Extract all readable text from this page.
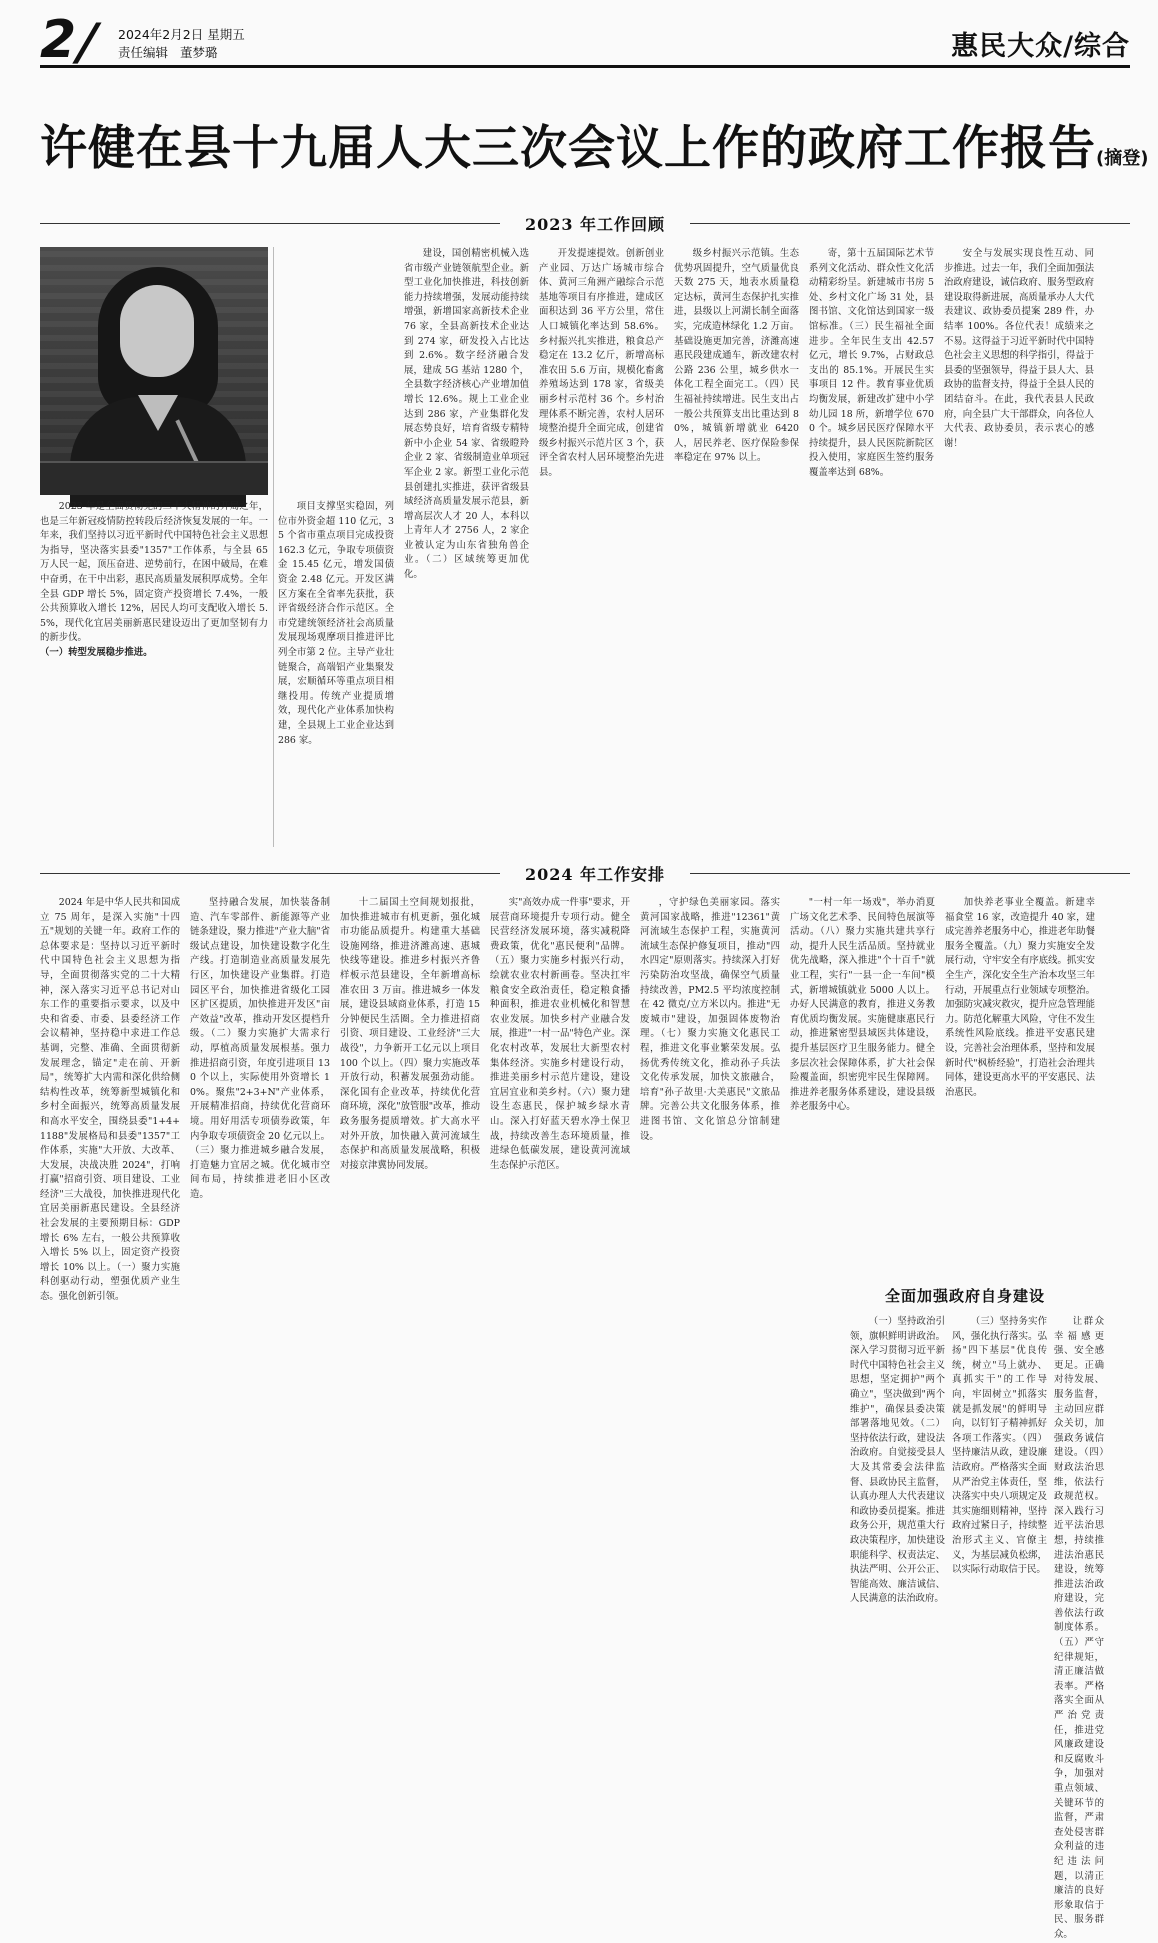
2
/ 2024年2月2日 星期五
责任编辑 董梦璐	惠民大众/综合
许健在县十九届人大三次会议上作的政府工作报告(摘登)
2023 年工作回顾

2023 年是全面贯彻党的二十大精神的开局之年，也是三年新冠疫情防控转段后经济恢复发展的一年。一年来，我们坚持以习近平新时代中国特色社会主义思想为指导，坚决落实县委"1357"工作体系，与全县 65 万人民一起，顶压奋进、逆势前行，在困中破局，在难中奋勇，在干中出彩，惠民高质量发展积厚成势。全年全县 GDP 增长 5%，固定资产投资增长 7.4%，一般公共预算收入增长 12%，居民人均可支配收入增长 5.5%，现代化宜居美丽新惠民建设迈出了更加坚韧有力的新步伐。

（一）转型发展稳步推进。

项目支撑坚实稳固，列位市外资金超 110 亿元，35 个省市重点项目完成投资 162.3 亿元，争取专项债资金 15.45 亿元，增发国债资金 2.48 亿元。开发区满区方案在全省率先获批，获评省级经济合作示范区。全市党建统领经济社会高质量发展现场观摩项目推进评比列全市第 2 位。主导产业壮链聚合，高端铝产业集聚发展，宏顺循环等重点项目相继投用。传统产业提质增效，现代化产业体系加快构建，全县规上工业企业达到 286 家。

建设，国创精密机械入选省市级产业链领航型企业。新型工业化加快推进，科技创新能力持续增强，发展动能持续增强，新增国家高新技术企业 76 家，全县高新技术企业达到 274 家，研发投入占比达到 2.6%。数字经济融合发展，建成 5G 基站 1280 个，全县数字经济核心产业增加值增长 12.6%。规上工业企业达到 286 家，产业集群化发展态势良好，培育省级专精特新中小企业 54 家、省级瞪羚企业 2 家、省级制造业单项冠军企业 2 家。新型工业化示范县创建扎实推进，获评省级县域经济高质量发展示范县，新增高层次人才 20 人，本科以上青年人才 2756 人，2 家企业被认定为山东省独角兽企业。（二）区域统筹更加优化。

开发提速提效。创新创业产业园、万达广场城市综合体、黄河三角洲产融综合示范基地等项目有序推进，建成区面积达到 36 平方公里，常住人口城镇化率达到 58.6%。乡村振兴扎实推进，粮食总产稳定在 13.2 亿斤，新增高标准农田 5.6 万亩，规模化畜禽养殖场达到 178 家，省级美丽乡村示范村 36 个。乡村治理体系不断完善，农村人居环境整治提升全面完成，创建省级乡村振兴示范片区 3 个，获评全省农村人居环境整治先进县。

级乡村振兴示范镇。生态优势巩固提升，空气质量优良天数 275 天，地表水质量稳定达标，黄河生态保护扎实推进，县级以上河湖长制全面落实，完成造林绿化 1.2 万亩。基础设施更加完善，济潍高速惠民段建成通车，新改建农村公路 236 公里，城乡供水一体化工程全面完工。（四）民生福祉持续增进。民生支出占一般公共预算支出比重达到 80%，城镇新增就业 6420 人，居民养老、医疗保险参保率稳定在 97% 以上。

寄，第十五届国际艺术节系列文化活动、群众性文化活动精彩纷呈。新建城市书房 5 处、乡村文化广场 31 处，县图书馆、文化馆达到国家一级馆标准。（三）民生福祉全面进步。全年民生支出 42.57 亿元，增长 9.7%，占财政总支出的 85.1%。开展民生实事项目 12 件。教育事业优质均衡发展，新建改扩建中小学幼儿园 18 所，新增学位 6700 个。城乡居民医疗保障水平持续提升，县人民医院新院区投入使用，家庭医生签约服务覆盖率达到 68%。

安全与发展实现良性互动、同步推进。过去一年，我们全面加强法治政府建设，诚信政府、服务型政府建设取得新进展，高质量承办人大代表建议、政协委员提案 289 件，办结率 100%。各位代表！成绩来之不易。这得益于习近平新时代中国特色社会主义思想的科学指引，得益于县委的坚强领导，得益于县人大、县政协的监督支持，得益于全县人民的团结奋斗。在此，我代表县人民政府，向全县广大干部群众，向各位人大代表、政协委员，表示衷心的感谢！

2024 年工作安排

2024 年是中华人民共和国成立 75 周年，是深入实施"十四五"规划的关键一年。政府工作的总体要求是：坚持以习近平新时代中国特色社会主义思想为指导，全面贯彻落实党的二十大精神，深入落实习近平总书记对山东工作的重要指示要求，以及中央和省委、市委、县委经济工作会议精神，坚持稳中求进工作总基调，完整、准确、全面贯彻新发展理念，锚定"走在前、开新局"，统筹扩大内需和深化供给侧结构性改革，统筹新型城镇化和乡村全面振兴，统筹高质量发展和高水平安全，围绕县委"1+4+1188"发展格局和县委"1357"工作体系，实施"大开放、大改革、大发展，决战决胜 2024"，打响打赢"招商引资、项目建设、工业经济"三大战役，加快推进现代化宜居美丽新惠民建设。全县经济社会发展的主要预期目标：GDP 增长 6% 左右，一般公共预算收入增长 5% 以上，固定资产投资增长 10% 以上。（一）聚力实施科创驱动行动，塑强优质产业生态。强化创新引领。

坚持融合发展，加快装备制造、汽车零部件、新能源等产业链条建设，聚力推进"产业大脑"省级试点建设，加快建设数字化生产线。打造制造业高质量发展先行区，加快建设产业集群。打造园区平台，加快推进省级化工园区扩区提质，加快推进开发区"亩产效益"改革，推动开发区提档升级。（二）聚力实施扩大需求行动，厚植高质量发展根基。强力推进招商引资，年度引进项目 130 个以上，实际使用外资增长 10%。聚焦"2+3+N"产业体系，开展精准招商，持续优化营商环境。用好用活专项债券政策，年内争取专项债资金 20 亿元以上。（三）聚力推进城乡融合发展，打造魅力宜居之城。优化城市空间布局，持续推进老旧小区改造。

十二届国土空间规划报批，加快推进城市有机更新，强化城市功能品质提升。构建重大基础设施网络，推进济潍高速、惠城快线等建设。推进乡村振兴齐鲁样板示范县建设，全年新增高标准农田 3 万亩。推进城乡一体发展，建设县域商业体系，打造 15 分钟便民生活圈。全力推进招商引资、项目建设、工业经济"三大战役"，力争新开工亿元以上项目 100 个以上。（四）聚力实施改革开放行动，积蓄发展强劲动能。深化国有企业改革，持续优化营商环境，深化"放管服"改革，推动政务服务提质增效。扩大高水平对外开放，加快融入黄河流域生态保护和高质量发展战略，积极对接京津冀协同发展。

实"高效办成一件事"要求，开展营商环境提升专项行动。健全民营经济发展环境，落实减税降费政策，优化"惠民便利"品牌。（五）聚力实施乡村振兴行动，绘就农业农村新画卷。坚决扛牢粮食安全政治责任，稳定粮食播种面积，推进农业机械化和智慧农业发展。加快乡村产业融合发展，推进"一村一品"特色产业。深化农村改革，发展壮大新型农村集体经济。实施乡村建设行动，推进美丽乡村示范片建设，建设宜居宜业和美乡村。（六）聚力建设生态惠民，保护城乡绿水青山。深入打好蓝天碧水净土保卫战，持续改善生态环境质量，推进绿色低碳发展，建设黄河流域生态保护示范区。

，守护绿色美丽家园。落实黄河国家战略，推进"12361"黄河流域生态保护工程，实施黄河流域生态保护修复项目，推动"四水四定"原则落实。持续深入打好污染防治攻坚战，确保空气质量持续改善，PM2.5 平均浓度控制在 42 微克/立方米以内。推进"无废城市"建设，加强固体废物治理。（七）聚力实施文化惠民工程，推进文化事业繁荣发展。弘扬优秀传统文化，推动孙子兵法文化传承发展，加快文旅融合，培育"孙子故里·大美惠民"文旅品牌。完善公共文化服务体系，推进图书馆、文化馆总分馆制建设。

"一村一年一场戏"，举办消夏广场文化艺术季、民间特色展演等活动。（八）聚力实施共建共享行动，提升人民生活品质。坚持就业优先战略，深入推进"个十百千"就业工程，实行"一县一企一车间"模式，新增城镇就业 5000 人以上。办好人民满意的教育，推进义务教育优质均衡发展。实施健康惠民行动，推进紧密型县域医共体建设，提升基层医疗卫生服务能力。健全多层次社会保障体系，扩大社会保险覆盖面，织密兜牢民生保障网。推进养老服务体系建设，建设县级养老服务中心。

加快养老事业全覆盖。新建幸福食堂 16 家，改造提升 40 家，建成完善养老服务中心，推进老年助餐服务全覆盖。（九）聚力实施安全发展行动，守牢安全有序底线。抓实安全生产，深化安全生产治本攻坚三年行动，开展重点行业领域专项整治。加强防灾减灾救灾，提升应急管理能力。防范化解重大风险，守住不发生系统性风险底线。推进平安惠民建设，完善社会治理体系，坚持和发展新时代"枫桥经验"，打造社会治理共同体，建设更高水平的平安惠民、法治惠民。

全面加强政府自身建设

（一）坚持政治引领，旗帜鲜明讲政治。深入学习贯彻习近平新时代中国特色社会主义思想，坚定拥护"两个确立"，坚决做到"两个维护"，确保县委决策部署落地见效。（二）坚持依法行政，建设法治政府。自觉接受县人大及其常委会法律监督、县政协民主监督，认真办理人大代表建议和政协委员提案。推进政务公开，规范重大行政决策程序，加快建设职能科学、权责法定、执法严明、公开公正、智能高效、廉洁诚信、人民满意的法治政府。

（三）坚持务实作风，强化执行落实。弘扬"四下基层"优良传统，树立"马上就办、真抓实干"的工作导向，牢固树立"抓落实就是抓发展"的鲜明导向，以钉钉子精神抓好各项工作落实。（四）坚持廉洁从政，建设廉洁政府。严格落实全面从严治党主体责任，坚决落实中央八项规定及其实施细则精神，坚持政府过紧日子，持续整治形式主义、官僚主义，为基层减负松绑，以实际行动取信于民。

让群众幸福感更强、安全感更足。正确对待发展、服务监督，主动回应群众关切，加强政务诚信建设。（四）财政法治思维，依法行政规范权。深入践行习近平法治思想，持续推进法治惠民建设，统筹推进法治政府建设，完善依法行政制度体系。（五）严守纪律规矩，清正廉洁做表率。严格落实全面从严治党责任，推进党风廉政建设和反腐败斗争，加强对重点领域、关键环节的监督，严肃查处侵害群众利益的违纪违法问题，以清正廉洁的良好形象取信于民、服务群众。
